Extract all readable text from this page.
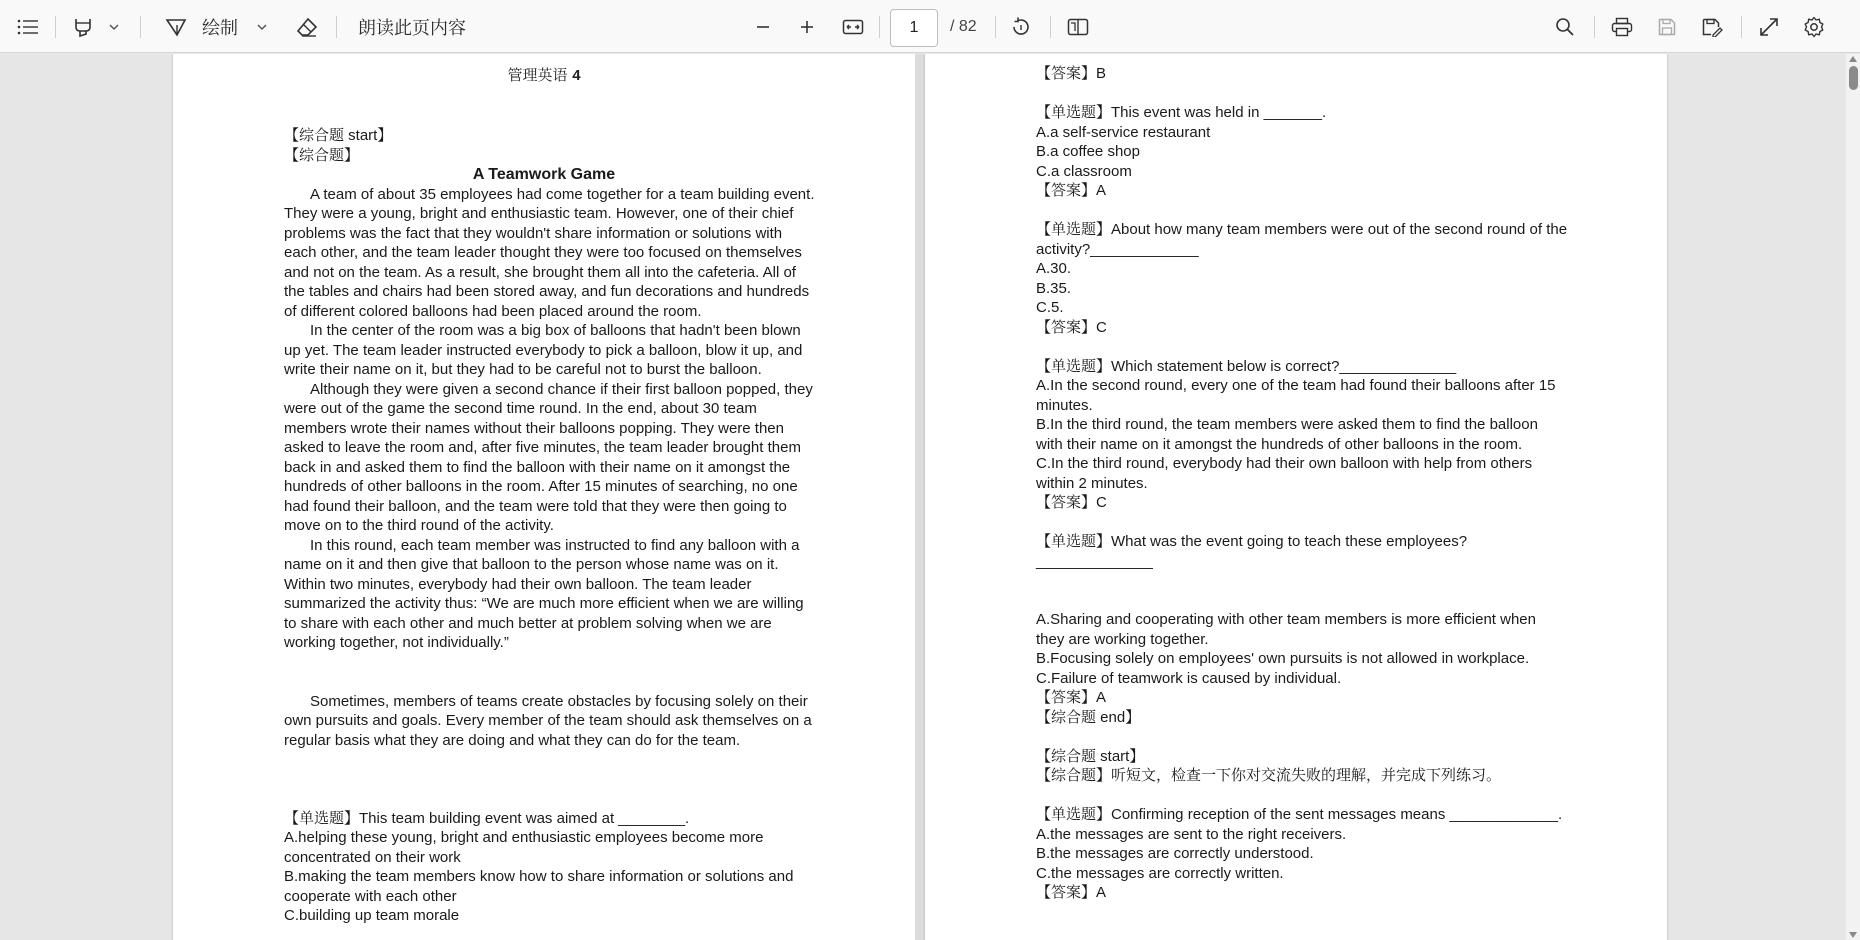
绘制	朗读此页内容	1	/ 82
管理英语 4
【综合题 start】
【综合题】
A Teamwork Game
A team of about 35 employees had come together for a team building event.
They were a young, bright and enthusiastic team. However, one of their chief
problems was the fact that they wouldn't share information or solutions with
each other, and the team leader thought they were too focused on themselves
and not on the team. As a result, she brought them all into the cafeteria. All of
the tables and chairs had been stored away, and fun decorations and hundreds
of different colored balloons had been placed around the room.
In the center of the room was a big box of balloons that hadn't been blown
up yet. The team leader instructed everybody to pick a balloon, blow it up, and
write their name on it, but they had to be careful not to burst the balloon.
Although they were given a second chance if their first balloon popped, they
were out of the game the second time round. In the end, about 30 team
members wrote their names without their balloons popping. They were then
asked to leave the room and, after five minutes, the team leader brought them
back in and asked them to find the balloon with their name on it amongst the
hundreds of other balloons in the room. After 15 minutes of searching, no one
had found their balloon, and the team were told that they were then going to
move on to the third round of the activity.
In this round, each team member was instructed to find any balloon with a
name on it and then give that balloon to the person whose name was on it.
Within two minutes, everybody had their own balloon. The team leader
summarized the activity thus: “We are much more efficient when we are willing
to share with each other and much better at problem solving when we are
working together, not individually.”
Sometimes, members of teams create obstacles by focusing solely on their
own pursuits and goals. Every member of the team should ask themselves on a
regular basis what they are doing and what they can do for the team.
【单选题】This team building event was aimed at ________.
A.helping these young, bright and enthusiastic employees become more
concentrated on their work
B.making the team members know how to share information or solutions and
cooperate with each other
C.building up team morale
【答案】B
【单选题】This event was held in _______.
A.a self-service restaurant
B.a coffee shop
C.a classroom
【答案】A
【单选题】About how many team members were out of the second round of the
activity?_____________
A.30.
B.35.
C.5.
【答案】C
【单选题】Which statement below is correct?______________
A.In the second round, every one of the team had found their balloons after 15
minutes.
B.In the third round, the team members were asked them to find the balloon
with their name on it amongst the hundreds of other balloons in the room.
C.In the third round, everybody had their own balloon with help from others
within 2 minutes.
【答案】C
【单选题】What was the event going to teach these employees?
______________
A.Sharing and cooperating with other team members is more efficient when
they are working together.
B.Focusing solely on employees' own pursuits is not allowed in workplace.
C.Failure of teamwork is caused by individual.
【答案】A
【综合题 end】
【综合题 start】
【综合题】听短文，检查一下你对交流失败的理解，并完成下列练习。
【单选题】Confirming reception of the sent messages means _____________.
A.the messages are sent to the right receivers.
B.the messages are correctly understood.
C.the messages are correctly written.
【答案】A
